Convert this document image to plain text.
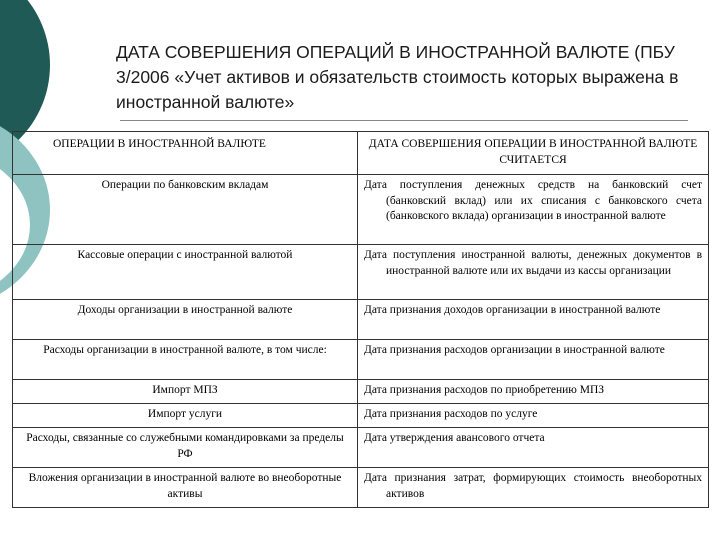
ДАТА СОВЕРШЕНИЯ ОПЕРАЦИЙ В ИНОСТРАННОЙ ВАЛЮТЕ (ПБУ 3/2006 «Учет активов и обязательств стоимость которых выражена в иностранной валюте»
ОПЕРАЦИИ В ИНОСТРАННОЙ ВАЛЮТЕ	ДАТА СОВЕРШЕНИЯ ОПЕРАЦИИ В ИНОСТРАННОЙ ВАЛЮТЕ СЧИТАЕТСЯ
Операции по банковским вкладам	Дата поступления денежных средств на банковский счет (банковский вклад) или их списания с банковского счета (банковского вклада) организации в иностранной валюте
Кассовые операции с иностранной валютой	Дата поступления иностранной валюты, денежных документов в иностранной валюте или их выдачи из кассы организации
Доходы организации в иностранной валюте	Дата признания доходов организации в иностранной валюте
Расходы организации в иностранной валюте, в том числе:	Дата признания расходов организации в иностранной валюте
Импорт МПЗ	Дата признания расходов по приобретению МПЗ
Импорт услуги	Дата признания расходов по услуге
Расходы, связанные со служебными командировками за пределы РФ	Дата утверждения авансового отчета
Вложения организации в иностранной валюте во внеоборотные активы	Дата признания затрат, формирующих стоимость внеоборотных активов
